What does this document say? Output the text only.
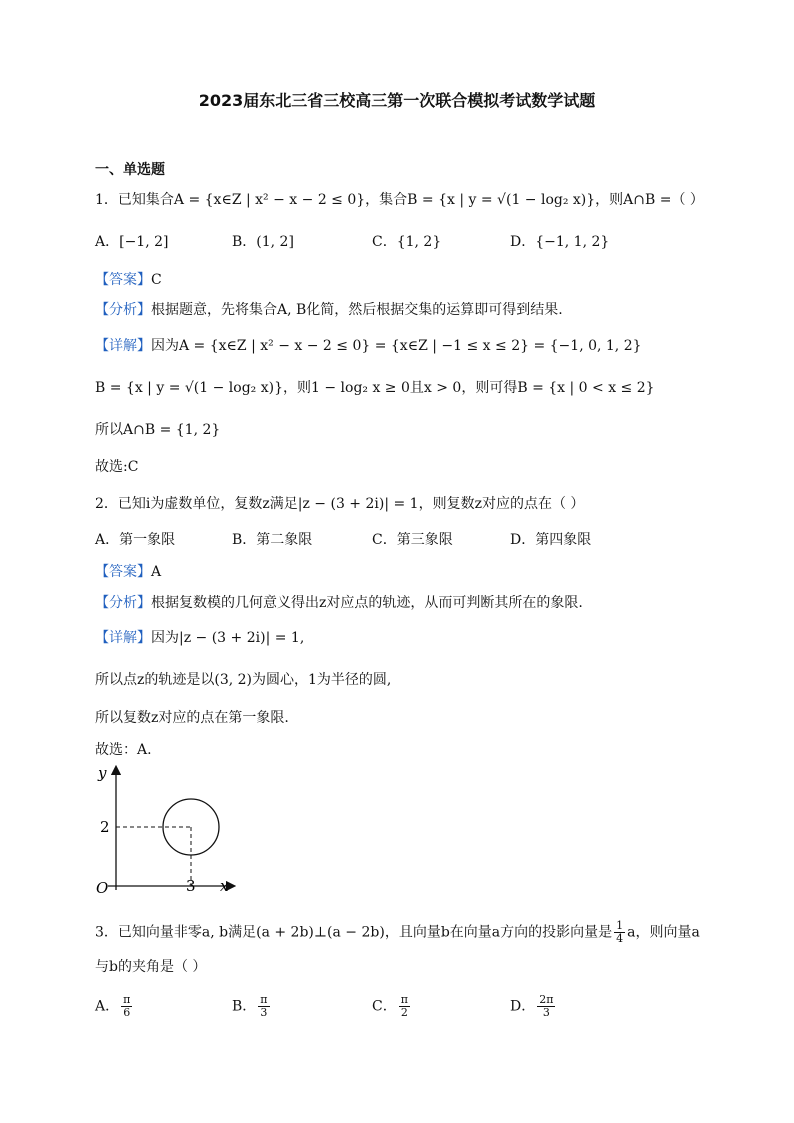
2023届东北三省三校高三第一次联合模拟考试数学试题
一、单选题
1．已知集合A = {x∈Z | x² − x − 2 ≤ 0}，集合B = {x | y = √(1 − log₂ x)}，则A∩B =（ ）
A．[−1, 2]	B．(1, 2]	C．{1, 2}	D．{−1, 1, 2}
【答案】C
【分析】根据题意，先将集合A, B化简，然后根据交集的运算即可得到结果.
【详解】因为A = {x∈Z | x² − x − 2 ≤ 0} = {x∈Z | −1 ≤ x ≤ 2} = {−1, 0, 1, 2}
B = {x | y = √(1 − log₂ x)}，则1 − log₂ x ≥ 0且x > 0，则可得B = {x | 0 < x ≤ 2}
所以A∩B = {1, 2}
故选:C
2．已知i为虚数单位，复数z满足|z − (3 + 2i)| = 1，则复数z对应的点在（ ）
A．第一象限	B．第二象限	C．第三象限	D．第四象限
【答案】A
【分析】根据复数模的几何意义得出z对应点的轨迹，从而可判断其所在的象限.
【详解】因为|z − (3 + 2i)| = 1,
所以点z的轨迹是以(3, 2)为圆心，1为半径的圆,
所以复数z对应的点在第一象限.
故选：A.
y
x
O	3
2
3．已知向量非零a, b满足(a + 2b)⊥(a − 2b)，且向量b在向量a方向的投影向量是 $\frac{1}{4}$ a，则向量a
与b的夹角是（ ）
A． $\frac{\pi}{6}$	B． $\frac{\pi}{3}$	C． $\frac{\pi}{2}$	D． $\frac{2\pi}{3}$
